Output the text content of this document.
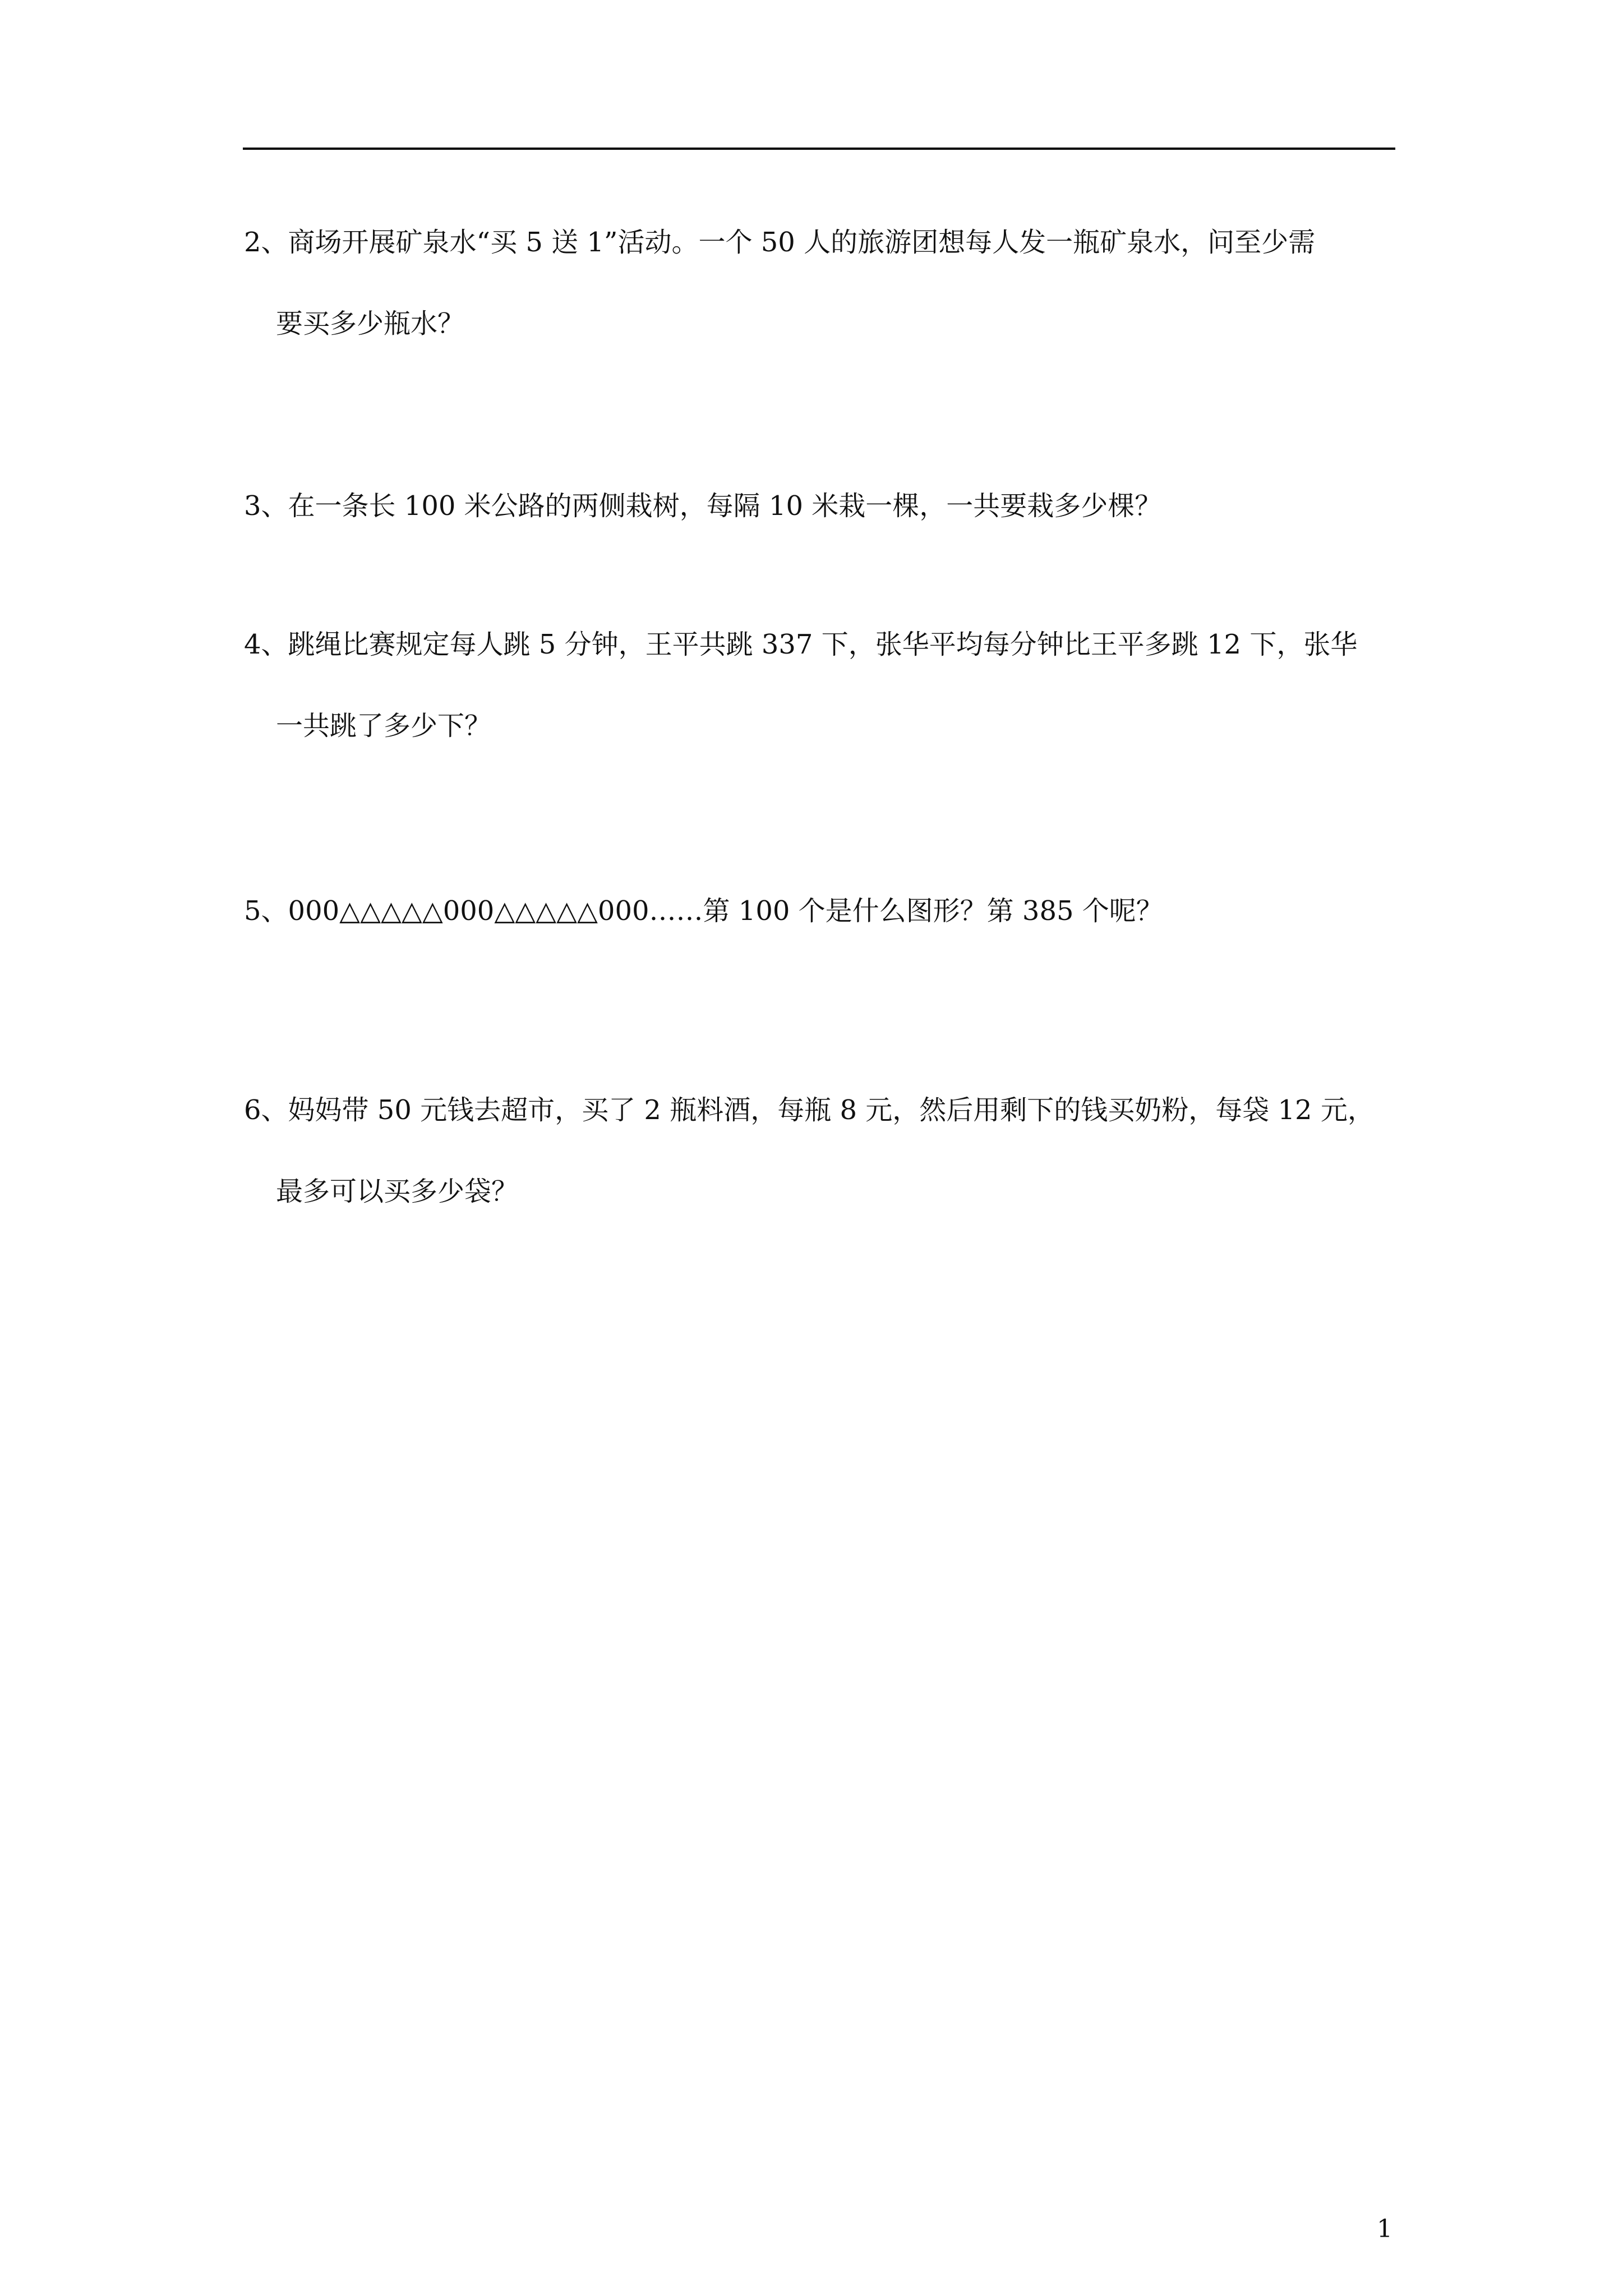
2、商场开展矿泉水“买 5 送 1”活动。一个 50 人的旅游团想每人发一瓶矿泉水，问至少需
要买多少瓶水？
3、在一条长 100 米公路的两侧栽树，每隔 10 米栽一棵，一共要栽多少棵？
4、跳绳比赛规定每人跳 5 分钟，王平共跳 337 下，张华平均每分钟比王平多跳 12 下，张华
一共跳了多少下？
5、000△△△△△000△△△△△000……第 100 个是什么图形？第 385 个呢？
6、妈妈带 50 元钱去超市，买了 2 瓶料酒，每瓶 8 元，然后用剩下的钱买奶粉，每袋 12 元，
最多可以买多少袋？
1
